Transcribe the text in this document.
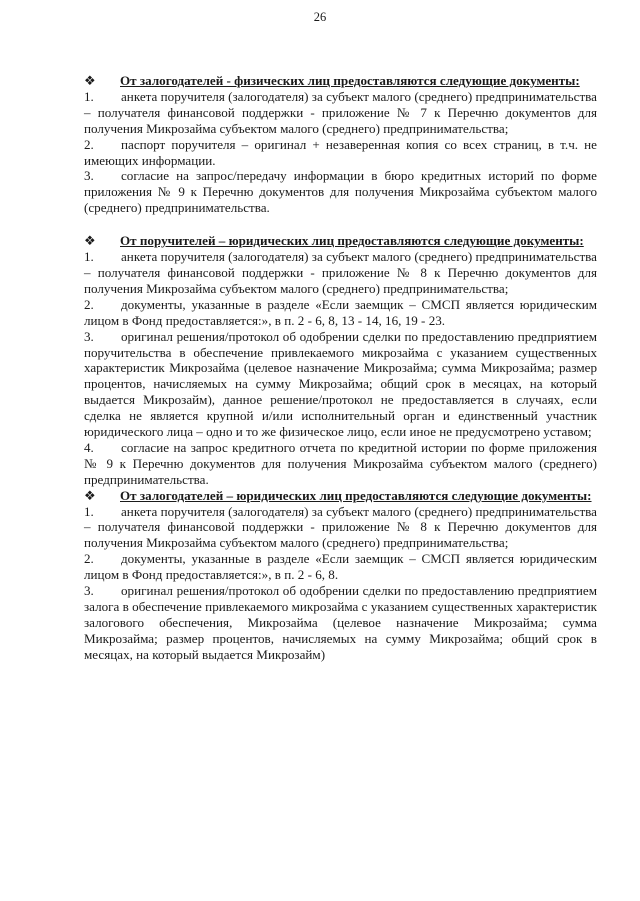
26

❖ От залогодателей - физических лиц предоставляются следующие документы:

1. анкета поручителя (залогодателя) за субъект малого (среднего) предпринимательства – получателя финансовой поддержки - приложение № 7 к Перечню документов для получения Микрозайма субъектом малого (среднего) предпринимательства;

2. паспорт поручителя – оригинал + незаверенная копия со всех страниц, в т.ч. не имеющих информации.

3. согласие на запрос/передачу информации в бюро кредитных историй по форме приложения № 9 к Перечню документов для получения Микрозайма субъектом малого (среднего) предпринимательства.

❖ От поручителей – юридических лиц предоставляются следующие документы:

1. анкета поручителя (залогодателя) за субъект малого (среднего) предпринимательства – получателя финансовой поддержки - приложение № 8 к Перечню документов для получения Микрозайма субъектом малого (среднего) предпринимательства;

2. документы, указанные в разделе «Если заемщик – СМСП является юридическим лицом в Фонд предоставляется:», в п. 2 - 6, 8, 13 - 14, 16, 19 - 23.

3. оригинал решения/протокол об одобрении сделки по предоставлению предприятием поручительства в обеспечение привлекаемого микрозайма с указанием существенных характеристик Микрозайма (целевое назначение Микрозайма; сумма Микрозайма; размер процентов, начисляемых на сумму Микрозайма; общий срок в месяцах, на который выдается Микрозайм), данное решение/протокол не предоставляется в случаях, если сделка не является крупной и/или исполнительный орган и единственный участник юридического лица – одно и то же физическое лицо, если иное не предусмотрено уставом;

4. согласие на запрос кредитного отчета по кредитной истории по форме приложения № 9 к Перечню документов для получения Микрозайма субъектом малого (среднего) предпринимательства.

❖ От залогодателей – юридических лиц предоставляются следующие документы:

1. анкета поручителя (залогодателя) за субъект малого (среднего) предпринимательства – получателя финансовой поддержки - приложение № 8 к Перечню документов для получения Микрозайма субъектом малого (среднего) предпринимательства;

2. документы, указанные в разделе «Если заемщик – СМСП является юридическим лицом в Фонд предоставляется:», в п. 2 - 6, 8.

3. оригинал решения/протокол об одобрении сделки по предоставлению предприятием залога в обеспечение привлекаемого микрозайма с указанием существенных характеристик залогового обеспечения, Микрозайма (целевое назначение Микрозайма; сумма Микрозайма; размер процентов, начисляемых на сумму Микрозайма; общий срок в месяцах, на который выдается Микрозайм)
